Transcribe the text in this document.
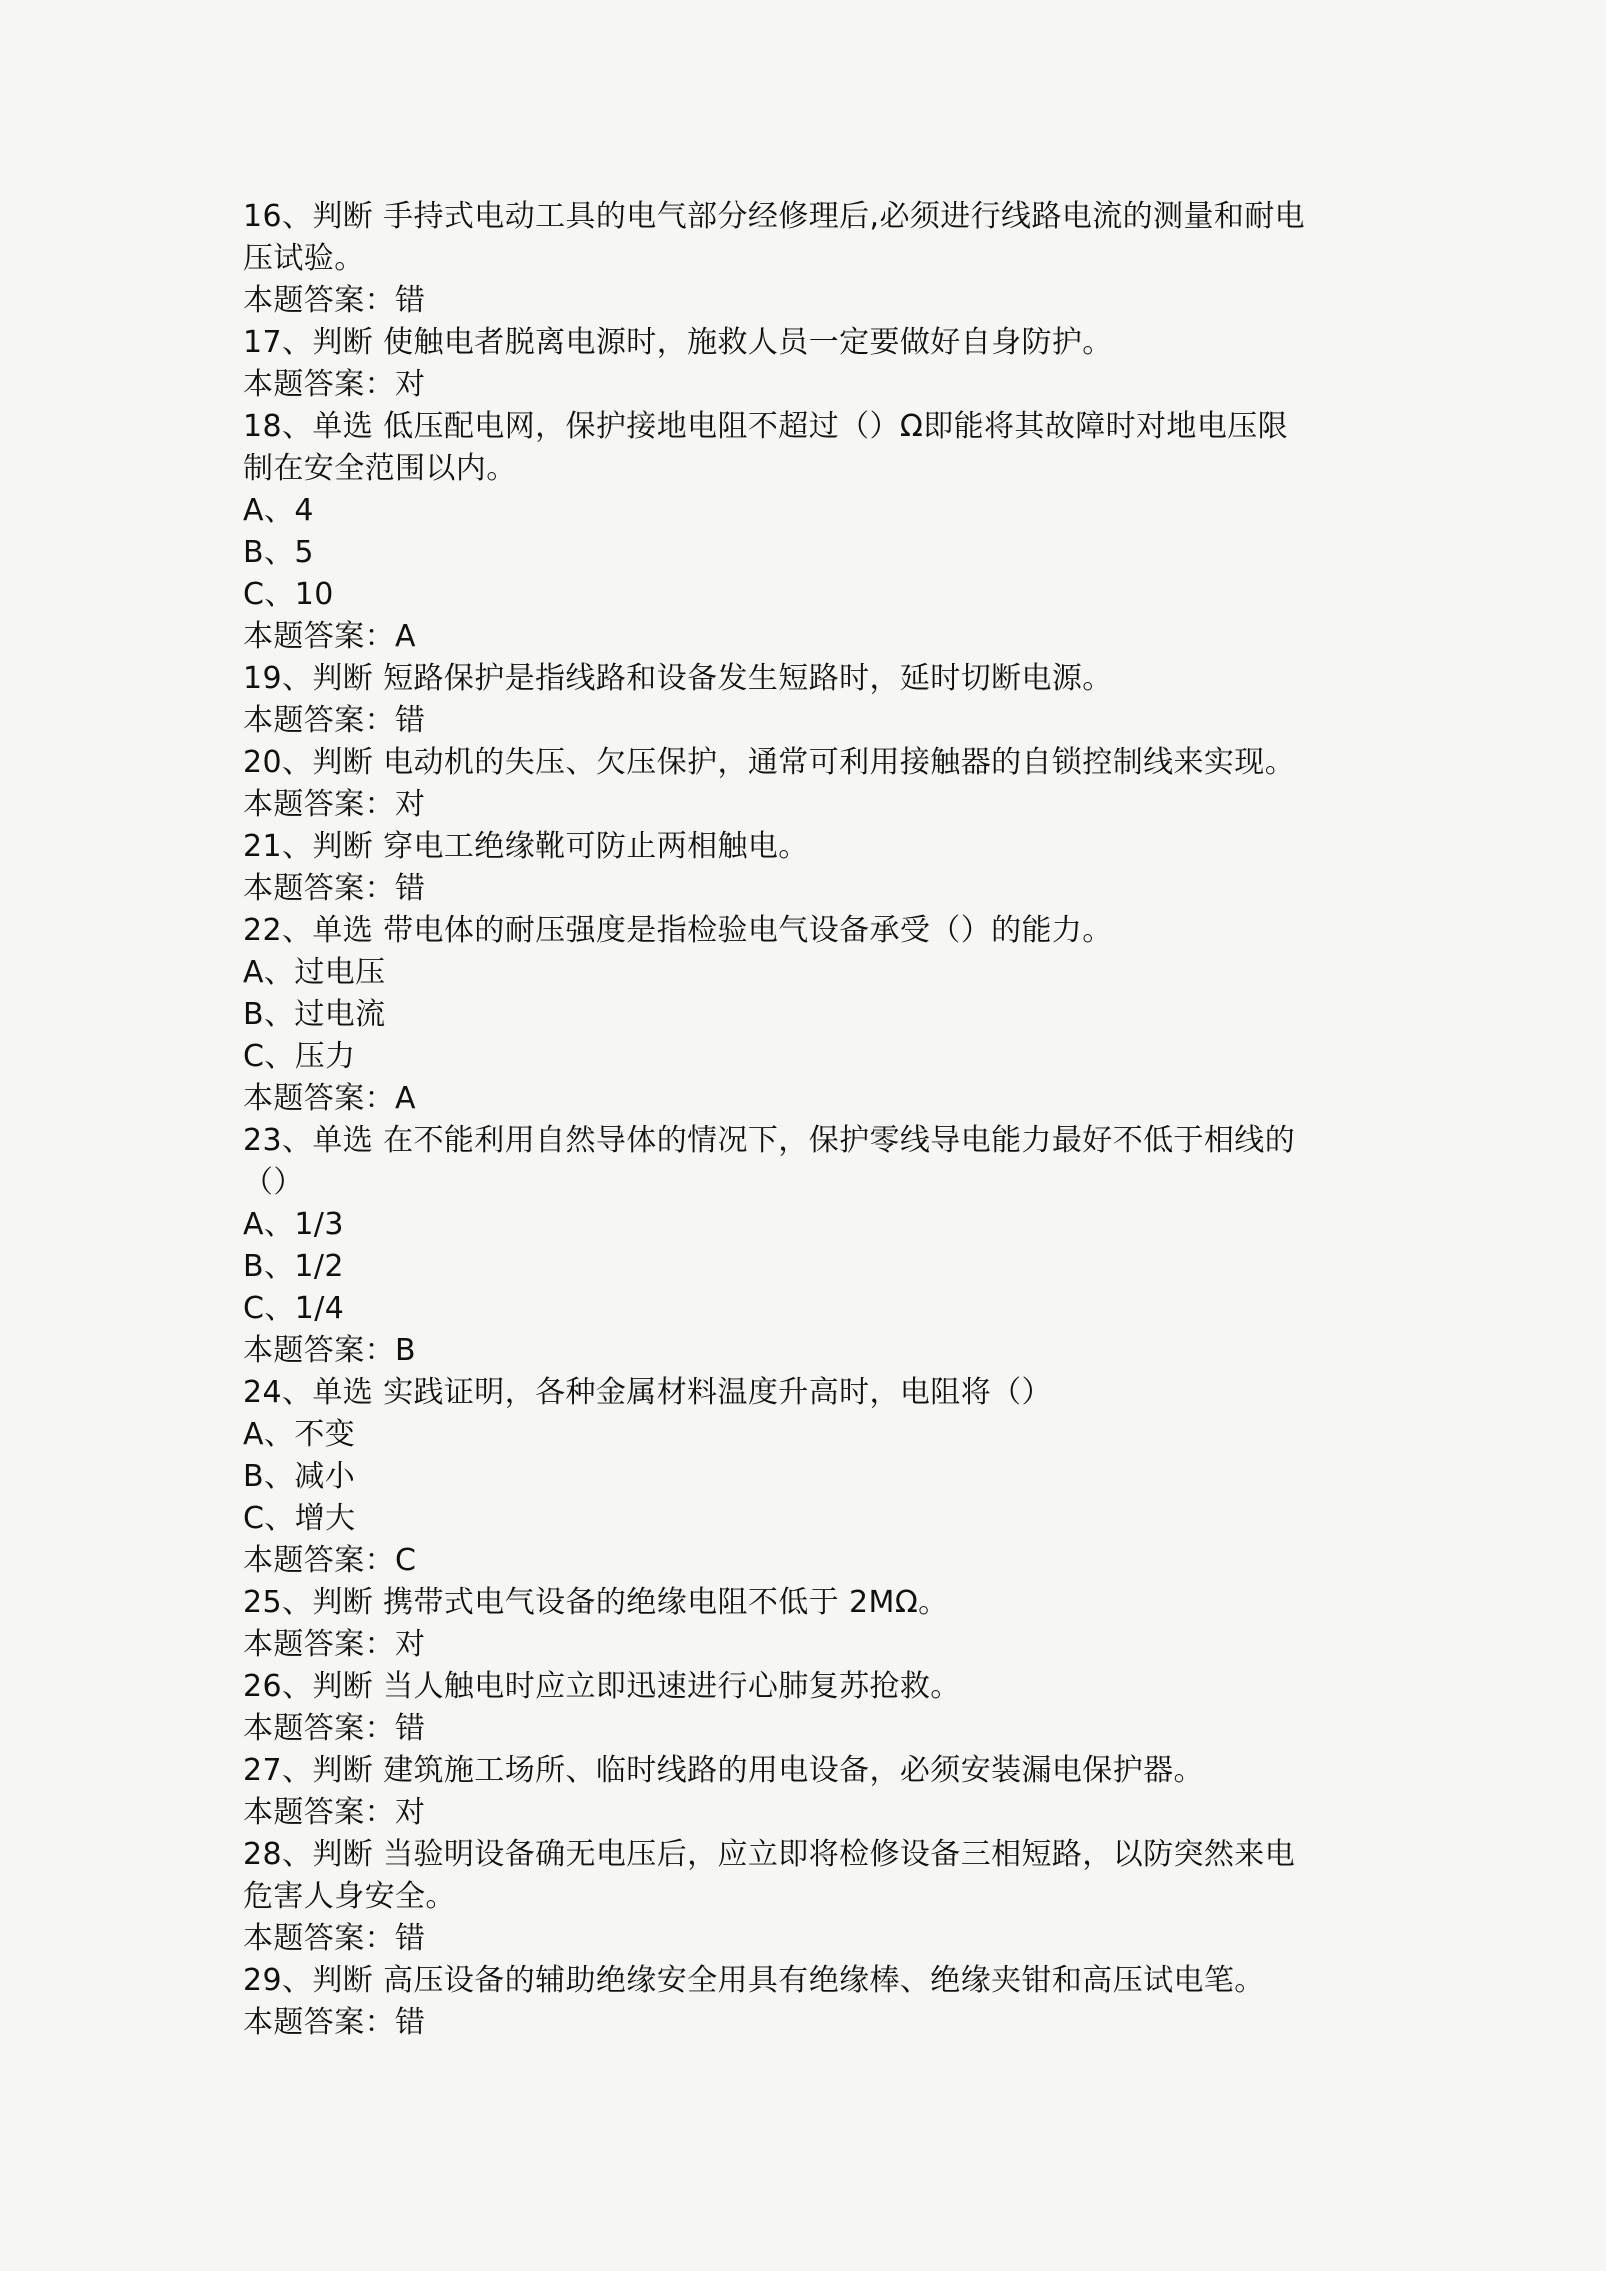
16、判断 手持式电动工具的电气部分经修理后,必须进行线路电流的测量和耐电
压试验。
本题答案：错
17、判断 使触电者脱离电源时，施救人员一定要做好自身防护。
本题答案：对
18、单选 低压配电网，保护接地电阻不超过（）Ω即能将其故障时对地电压限
制在安全范围以内。
A、4
B、5
C、10
本题答案：A
19、判断 短路保护是指线路和设备发生短路时，延时切断电源。
本题答案：错
20、判断 电动机的失压、欠压保护，通常可利用接触器的自锁控制线来实现。
本题答案：对
21、判断 穿电工绝缘靴可防止两相触电。
本题答案：错
22、单选 带电体的耐压强度是指检验电气设备承受（）的能力。
A、过电压
B、过电流
C、压力
本题答案：A
23、单选 在不能利用自然导体的情况下，保护零线导电能力最好不低于相线的
（）
A、1/3
B、1/2
C、1/4
本题答案：B
24、单选 实践证明，各种金属材料温度升高时，电阻将（）
A、不变
B、减小
C、增大
本题答案：C
25、判断 携带式电气设备的绝缘电阻不低于 2MΩ。
本题答案：对
26、判断 当人触电时应立即迅速进行心肺复苏抢救。
本题答案：错
27、判断 建筑施工场所、临时线路的用电设备，必须安装漏电保护器。
本题答案：对
28、判断 当验明设备确无电压后，应立即将检修设备三相短路，以防突然来电
危害人身安全。
本题答案：错
29、判断 高压设备的辅助绝缘安全用具有绝缘棒、绝缘夹钳和高压试电笔。
本题答案：错
